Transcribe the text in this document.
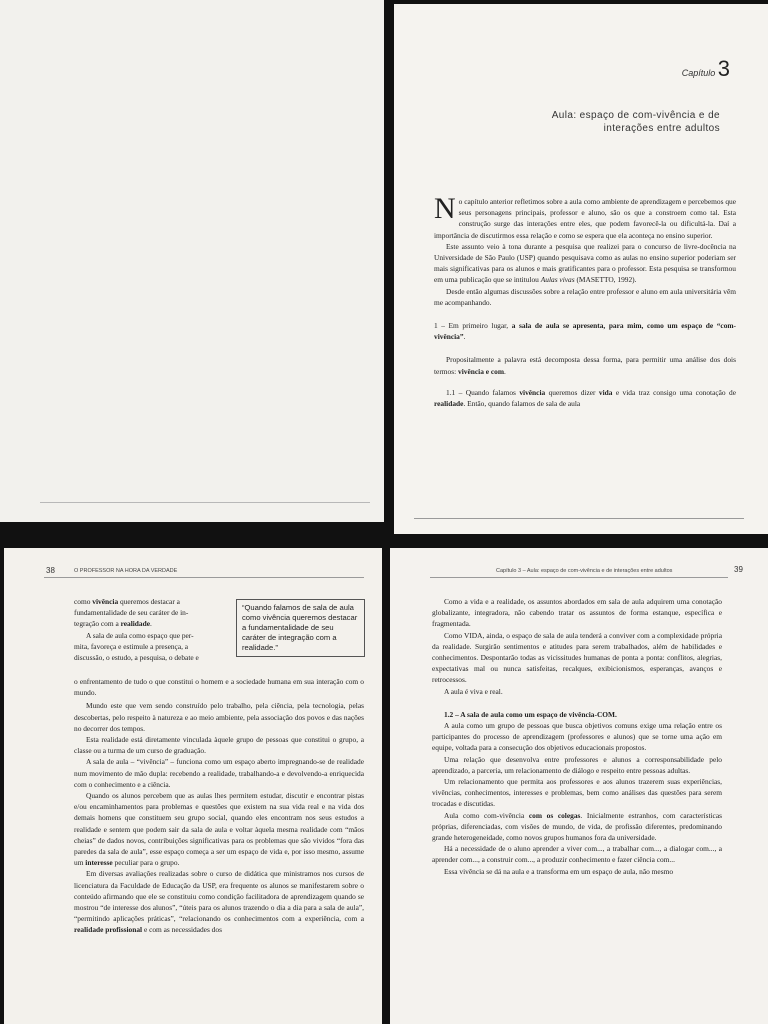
Capítulo 3
Aula: espaço de com-vivência e de
interações entre adultos

No capítulo anterior refletimos sobre a aula como ambiente de aprendizagem e percebemos que seus personagens principais, professor e aluno, são os que a constroem como tal. Esta construção surge das interações entre eles, que podem favorecê-la ou dificultá-la. Daí a importância de discutirmos essa relação e como se espera que ela aconteça no ensino superior.

Este assunto veio à tona durante a pesquisa que realizei para o concurso de livre-docência na Universidade de São Paulo (USP) quando pesquisava como as aulas no ensino superior poderiam ser mais significativas para os alunos e mais gratificantes para o professor. Esta pesquisa se transformou em uma publicação que se intitulou Aulas vivas (MASETTO, 1992).

Desde então algumas discussões sobre a relação entre professor e aluno em aula universitária vêm me acompanhando.

1 – Em primeiro lugar, a sala de aula se apresenta, para mim, como um espaço de “com-vivência”.

Propositalmente a palavra está decomposta dessa forma, para permitir uma análise dos dois termos: vivência e com.

1.1 – Quando falamos vivência queremos dizer vida e vida traz consigo uma conotação de realidade. Então, quando falamos de sala de aula

38	O PROFESSOR NA HORA DA VERDADE
“Quando falamos de sala de aula como vivência queremos destacar a fundamentalidade de seu caráter de integração com a realidade.”

como vivência queremos destacar a

fundamentalidade de seu caráter de in-

tegração com a realidade.

A sala de aula como espaço que per-

mita, favoreça e estimule a presença, a

discussão, o estudo, a pesquisa, o debate e

o enfrentamento de tudo o que constitui o homem e a sociedade humana em sua interação com o mundo.

Mundo este que vem sendo construído pelo trabalho, pela ciência, pela tecnologia, pelas descobertas, pelo respeito à natureza e ao meio ambiente, pela associação dos povos e das nações no decorrer dos tempos.

Esta realidade está diretamente vinculada àquele grupo de pessoas que constitui o grupo, a classe ou a turma de um curso de graduação.

A sala de aula – “vivência” – funciona como um espaço aberto impregnando-se de realidade num movimento de mão dupla: recebendo a realidade, trabalhando-a e devolvendo-a enriquecida com o conhecimento e a ciência.

Quando os alunos percebem que as aulas lhes permitem estudar, discutir e encontrar pistas e/ou encaminhamentos para problemas e questões que existem na sua vida real e na vida dos demais homens que constituem seu grupo social, quando eles encontram nos seus estudos a realidade e sentem que podem sair da sala de aula e voltar àquela mesma realidade com “mãos cheias” de dados novos, contribuições significativas para os problemas que são vividos “fora das paredes da sala de aula”, esse espaço começa a ser um espaço de vida e, por isso mesmo, assume um interesse peculiar para o grupo.

Em diversas avaliações realizadas sobre o curso de didática que ministramos nos cursos de licenciatura da Faculdade de Educação da USP, era frequente os alunos se manifestarem sobre o conteúdo afirmando que ele se constituiu como condição facilitadora de aprendizagem quando se mostrou “de interesse dos alunos”, “úteis para os alunos trazendo o dia a dia para a sala de aula”, “permitindo aplicações práticas”, “relacionando os conhecimentos com a experiência, com a realidade profissional e com as necessidades dos

Capítulo 3 – Aula: espaço de com-vivência e de interações entre adultos	39

Como a vida e a realidade, os assuntos abordados em sala de aula adquirem uma conotação globalizante, integradora, não cabendo tratar os assuntos de forma estanque, específica e fragmentada.

Como VIDA, ainda, o espaço de sala de aula tenderá a conviver com a complexidade própria da realidade. Surgirão sentimentos e atitudes para serem trabalhados, além de habilidades e conhecimentos. Despontarão todas as vicissitudes humanas de ponta a ponta: conflitos, alegrias, expectativas mal ou nunca satisfeitas, recalques, exibicionismos, esperanças, avanços e retrocessos.

A aula é viva e real.

1.2 – A sala de aula como um espaço de vivência-COM.

A aula como um grupo de pessoas que busca objetivos comuns exige uma relação entre os participantes do processo de aprendizagem (professores e alunos) que se torne uma ação em equipe, voltada para a consecução dos objetivos educacionais propostos.

Uma relação que desenvolva entre professores e alunos a corresponsabilidade pelo aprendizado, a parceria, um relacionamento de diálogo e respeito entre pessoas adultas.

Um relacionamento que permita aos professores e aos alunos trazerem suas experiências, vivências, conhecimentos, interesses e problemas, bem como análises das questões para serem trocadas e discutidas.

Aula como com-vivência com os colegas. Inicialmente estranhos, com características próprias, diferenciadas, com visões de mundo, de vida, de profissão diferentes, predominando grande heterogeneidade, como novos grupos humanos fora da universidade.

Há a necessidade de o aluno aprender a viver com..., a trabalhar com..., a dialogar com..., a aprender com..., a construir com..., a produzir conhecimento e fazer ciência com...

Essa vivência se dá na aula e a transforma em um espaço de aula, não mesmo
